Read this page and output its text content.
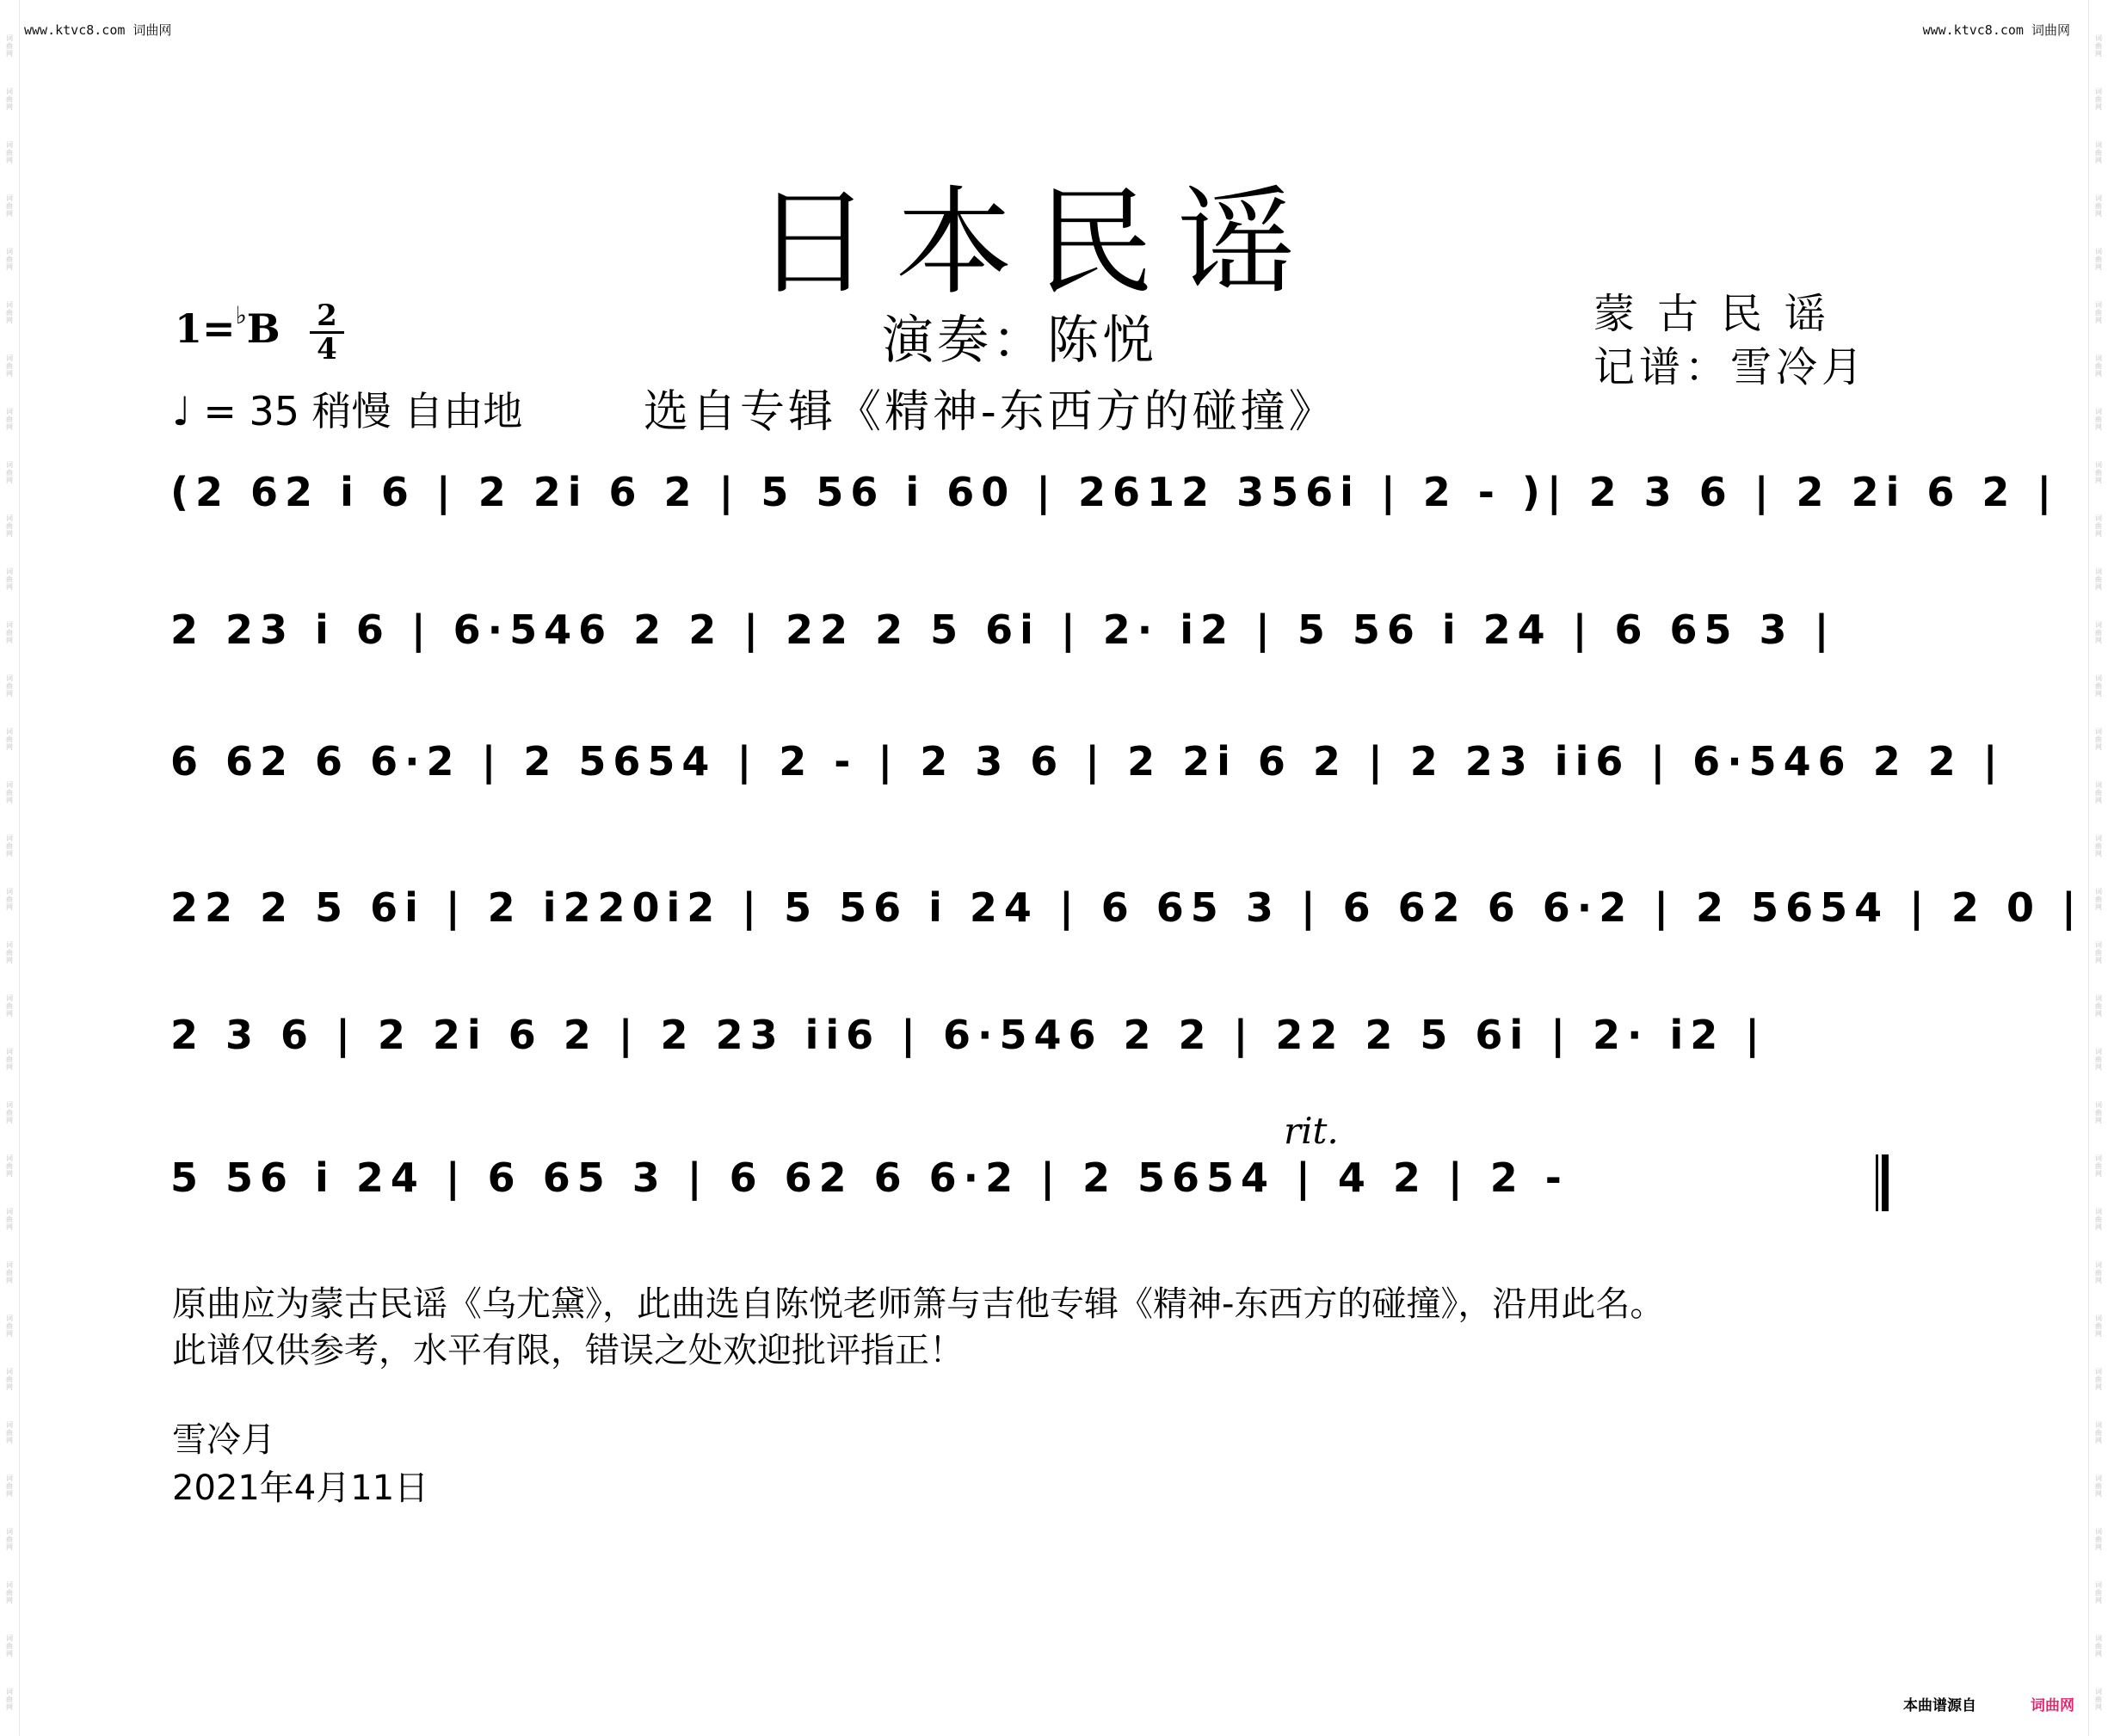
词曲网
词曲网
词曲网
词曲网
词曲网
词曲网
词曲网
词曲网
词曲网
词曲网
词曲网
词曲网
词曲网
词曲网
词曲网
词曲网
词曲网
词曲网
词曲网
词曲网
词曲网
词曲网
词曲网
词曲网
词曲网
词曲网
词曲网
词曲网
词曲网
词曲网
词曲网
词曲网
词曲网
词曲网
词曲网
词曲网
词曲网
词曲网
词曲网
词曲网
词曲网
词曲网
词曲网
词曲网
词曲网
词曲网
词曲网
词曲网
词曲网
词曲网
词曲网
词曲网
词曲网
词曲网
词曲网
词曲网
词曲网
词曲网
词曲网
词曲网
词曲网
词曲网
词曲网
词曲网
www.ktvc8.com 词曲网	www.ktvc8.com 词曲网
日本民谣
1=♭B 2
4
♩ = 35 稍慢 自由地
演奏：陈悦
选自专辑《精神-东西方的碰撞》
蒙古民谣
记谱：雪冷月
(2 62 i 6 | 2 2i 6 2 | 5 56 i 60 | 2612 356i | 2 - )| 2 3 6 | 2 2i 6 2 |
2 23 i 6 | 6·546 2 2 | 22 2 5 6i | 2· i2 | 5 56 i 24 | 6 65 3 |
6 62 6 6·2 | 2 5654 | 2 - | 2 3 6 | 2 2i 6 2 | 2 23 ii6 | 6·546 2 2 |
22 2 5 6i | 2 i220i2 | 5 56 i 24 | 6 65 3 | 6 62 6 6·2 | 2 5654 | 2 0 |
2 3 6 | 2 2i 6 2 | 2 23 ii6 | 6·546 2 2 | 22 2 5 6i | 2· i2 |
5 56 i 24 | 6 65 3 | 6 62 6 6·2 | 2 5654 | 4 2 | 2 -
rit.
原曲应为蒙古民谣《乌尤黛》，此曲选自陈悦老师箫与吉他专辑《精神-东西方的碰撞》，沿用此名。
此谱仅供参考，水平有限，错误之处欢迎批评指正！
雪冷月
2021年4月11日
本曲谱源自	词曲网
